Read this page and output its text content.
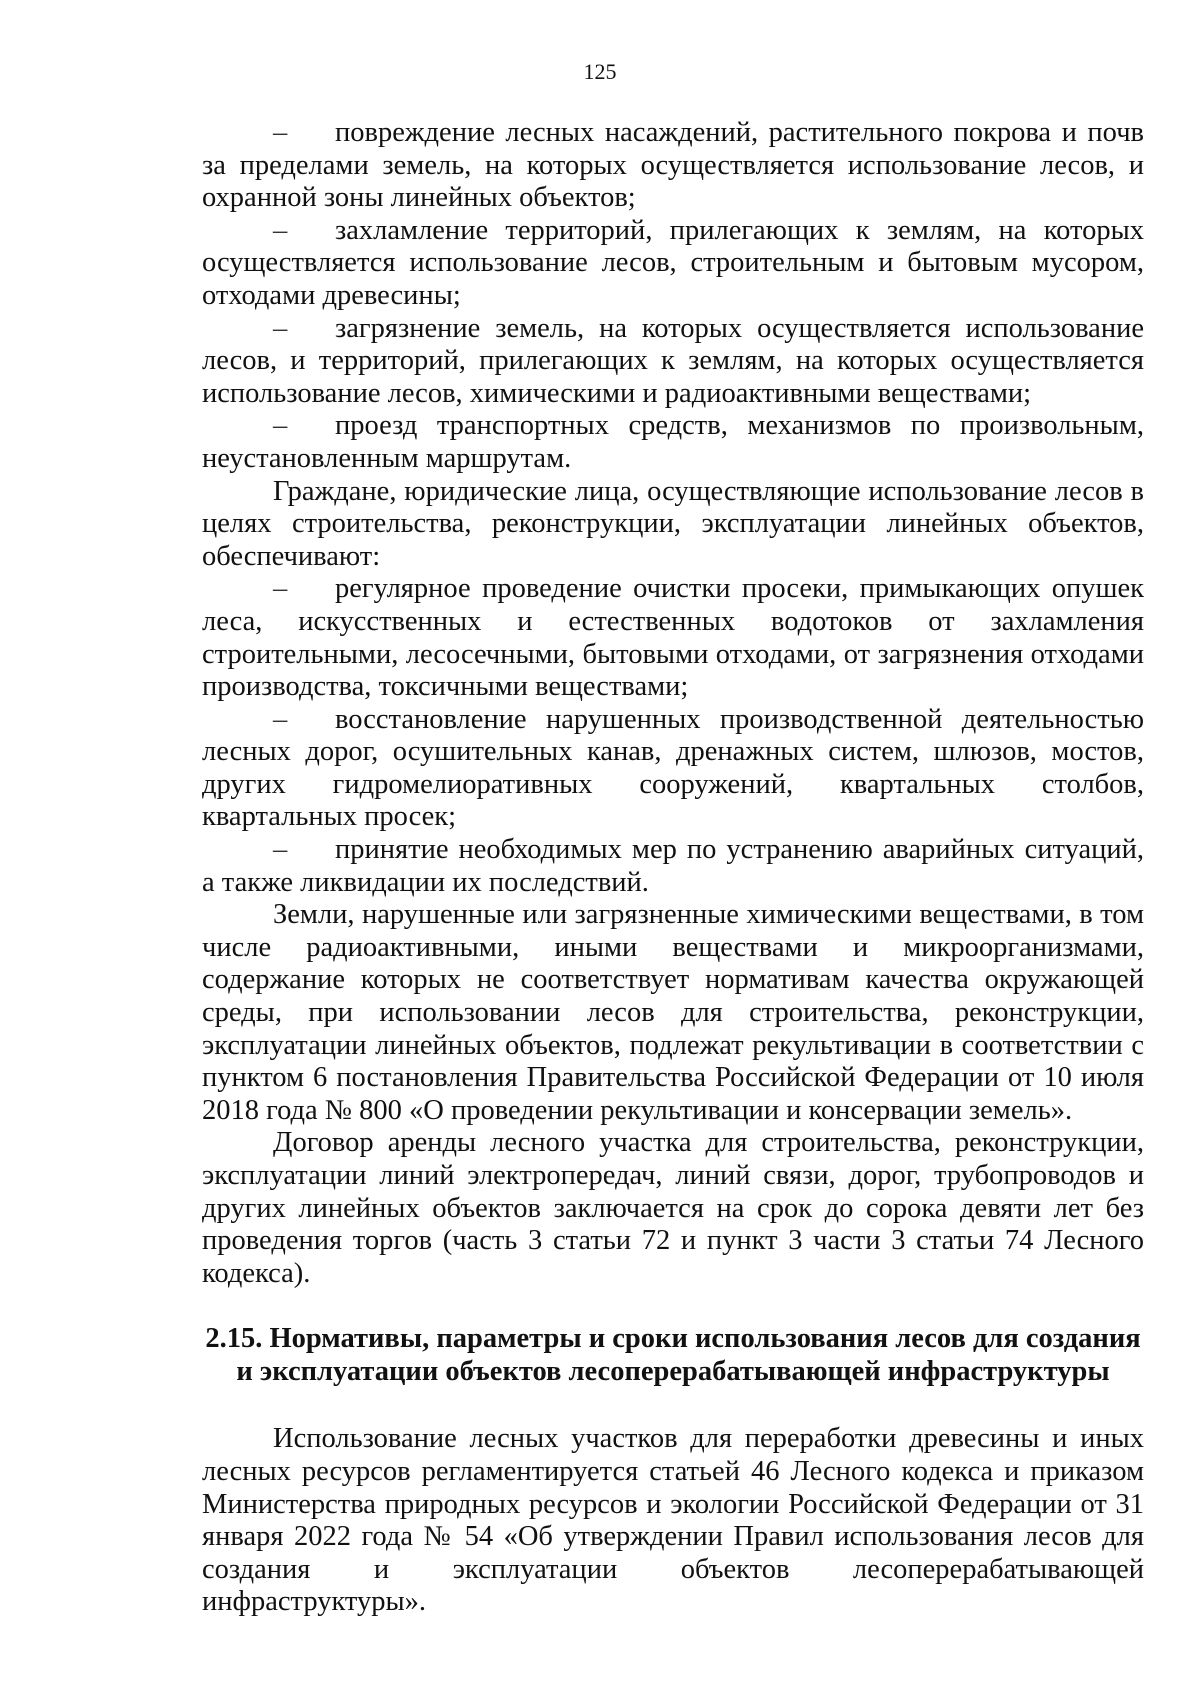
125
– повреждение лесных насаждений, растительного покрова и почв за пределами земель, на которых осуществляется использование лесов, и охранной зоны линейных объектов;
– захламление территорий, прилегающих к землям, на которых осуществляется использование лесов, строительным и бытовым мусором, отходами древесины;
– загрязнение земель, на которых осуществляется использование лесов, и территорий, прилегающих к землям, на которых осуществляется использование лесов, химическими и радиоактивными веществами;
– проезд транспортных средств, механизмов по произвольным, неустановленным маршрутам.

Граждане, юридические лица, осуществляющие использование лесов в целях строительства, реконструкции, эксплуатации линейных объектов, обеспечивают:

– регулярное проведение очистки просеки, примыкающих опушек леса, искусственных и естественных водотоков от захламления строительными, лесосечными, бытовыми отходами, от загрязнения отходами производства, токсичными веществами;
– восстановление нарушенных производственной деятельностью лесных дорог, осушительных канав, дренажных систем, шлюзов, мостов, других гидромелиоративных сооружений, квартальных столбов, квартальных просек;
– принятие необходимых мер по устранению аварийных ситуаций, а также ликвидации их последствий.

Земли, нарушенные или загрязненные химическими веществами, в том числе радиоактивными, иными веществами и микроорганизмами, содержание которых не соответствует нормативам качества окружающей среды, при использовании лесов для строительства, реконструкции, эксплуатации линейных объектов, подлежат рекультивации в соответствии с пунктом 6 постановления Правительства Российской Федерации от 10 июля 2018 года № 800 «О проведении рекультивации и консервации земель».

Договор аренды лесного участка для строительства, реконструкции, эксплуатации линий электропередач, линий связи, дорог, трубопроводов и других линейных объектов заключается на срок до сорока девяти лет без проведения торгов (часть 3 статьи 72 и пункт 3 части 3 статьи 74 Лесного кодекса).

2.15. Нормативы, параметры и сроки использования лесов для создания
и эксплуатации объектов лесоперерабатывающей инфраструктуры

Использование лесных участков для переработки древесины и иных лесных ресурсов регламентируется статьей 46 Лесного кодекса и приказом Министерства природных ресурсов и экологии Российской Федерации от 31 января 2022 года № 54 «Об утверждении Правил использования лесов для создания и эксплуатации объектов лесоперерабатывающей инфраструктуры».
